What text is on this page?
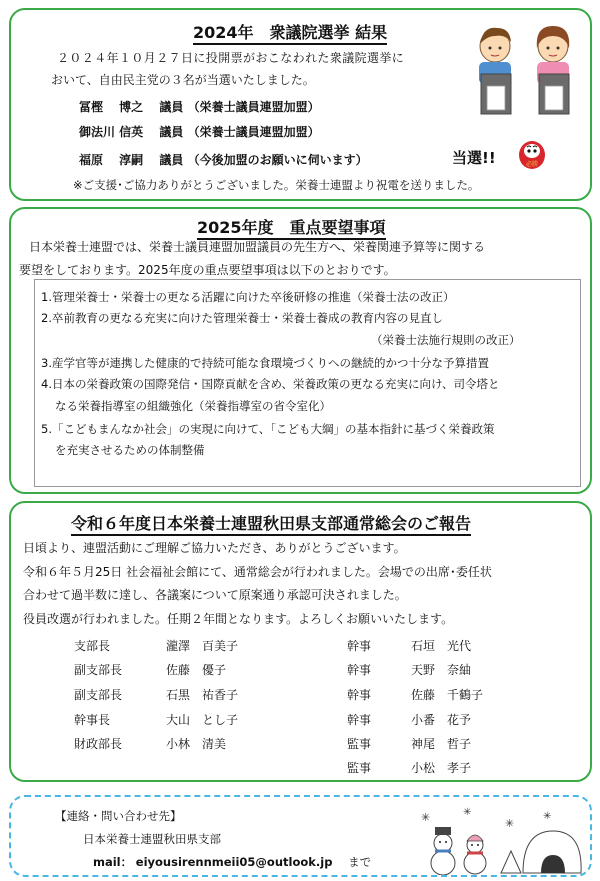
2024年　衆議院選挙 結果
２０２４年１０月２７日に投開票がおこなわれた衆議院選挙に
おいて、自由民主党の３名が当選いたしました。
冨樫　 博之　 議員 （栄養士議員連盟加盟）
御法川 信英　 議員 （栄養士議員連盟加盟）
福原　 淳嗣　 議員 （今後加盟のお願いに伺います）	当選!!
※ご支援･ご協力ありがとうございました。栄養士連盟より祝電を送りました。
必勝
2025年度　重点要望事項
日本栄養士連盟では、栄養士議員連盟加盟議員の先生方へ、栄養関連予算等に関する
要望をしております。2025年度の重点要望事項は以下のとおりです。
1.管理栄養士・栄養士の更なる活躍に向けた卒後研修の推進（栄養士法の改正）
2.卒前教育の更なる充実に向けた管理栄養士・栄養士養成の教育内容の見直し
（栄養士法施行規則の改正）
3.産学官等が連携した健康的で持続可能な食環境づくりへの継続的かつ十分な予算措置
4.日本の栄養政策の国際発信・国際貢献を含め、栄養政策の更なる充実に向け、司令塔と
なる栄養指導室の組織強化（栄養指導室の省令室化）
5.「こどもまんなか社会」の実現に向けて、「こども大綱」の基本指針に基づく栄養政策
を充実させるための体制整備
令和６年度日本栄養士連盟秋田県支部通常総会のご報告
日頃より、連盟活動にご理解ご協力いただき、ありがとうございます。
令和６年５月25日 社会福祉会館にて、通常総会が行われました。会場での出席･委任状
合わせて過半数に達し、各議案について原案通り承認可決されました。
役員改選が行われました。任期２年間となります。よろしくお願いいたします。
支部長	瀧澤　百美子
副支部長	佐藤　優子
副支部長	石黒　祐香子
幹事長	大山　とし子
財政部長	小林　清美
幹事	石垣　光代
幹事	天野　奈紬
幹事	佐藤　千鶴子
幹事	小番　花予
監事	神尾　哲子
監事	小松　孝子
【連絡・問い合わせ先】
日本栄養士連盟秋田県支部
mail： eiyousirennmeii05@outlook.jp まで
✳	✳
✳
✳
